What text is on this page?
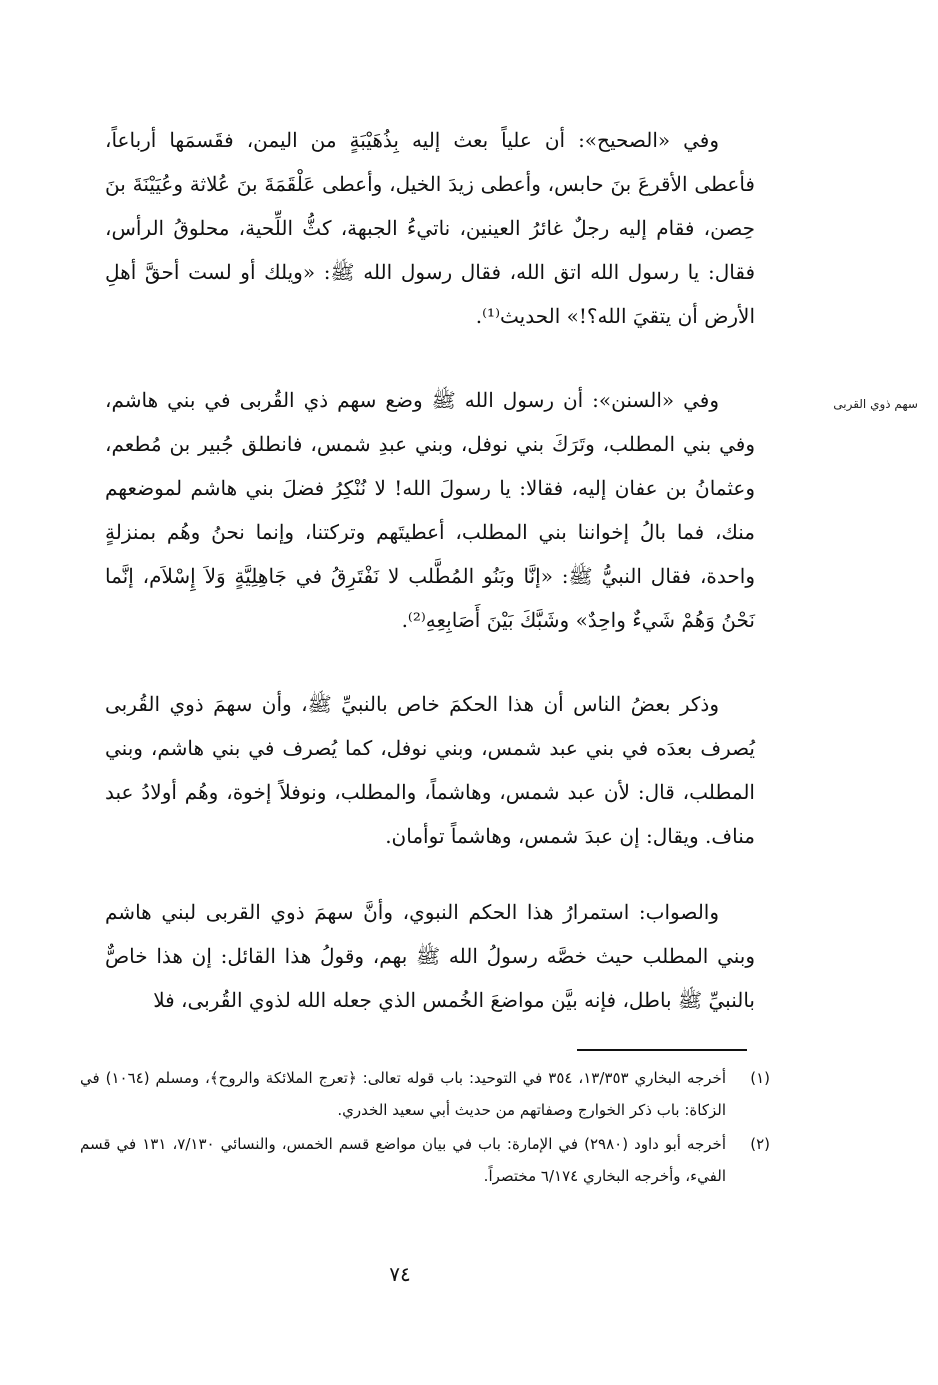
سهم ذوي القربى

وفي «الصحيح»: أن علياً بعث إليه بِذُهَيْبَةٍ من اليمن، فقَسمَها أرباعاً، فأعطى الأقرعَ بنَ حابس، وأعطى زيدَ الخيل، وأعطى عَلْقَمَةَ بنَ عُلاثة وعُيَيْنَةَ بنَ حِصن، فقام إليه رجلٌ غائرُ العينين، ناتيءُ الجبهة، كثُّ اللِّحية، محلوقُ الرأس، فقال: يا رسول الله اتق الله، فقال رسول الله ﷺ: «ويلك أو لست أحقَّ أهلِ الأرض أن يتقيَ الله؟!» الحديث⁽¹⁾.

وفي «السنن»: أن رسول الله ﷺ وضع سهم ذي القُربى في بني هاشم، وفي بني المطلب، وتَرَكَ بني نوفل، وبني عبدِ شمس، فانطلق جُبير بن مُطعم، وعثمانُ بن عفان إليه، فقالا: يا رسولَ الله! لا نُنْكِرُ فضلَ بني هاشم لموضعهم منك، فما بالُ إخواننا بني المطلب، أعطيتَهم وتركتنا، وإنما نحنُ وهُم بمنزلةٍ واحدة، فقال النبيُّ ﷺ: «إنَّا وبَنُو المُطَّلب لا نَفْتَرِقُ في جَاهِلِيَّةٍ وَلاَ إِسْلاَم، إنَّما نَحْنُ وَهُمْ شَيءٌ واحِدٌ» وشَبَّكَ بَيْنَ أَصَابِعِهِ⁽²⁾.

وذكر بعضُ الناس أن هذا الحكمَ خاص بالنبيِّ ﷺ، وأن سهمَ ذوي القُربى يُصرف بعدَه في بني عبد شمس، وبني نوفل، كما يُصرف في بني هاشم، وبني المطلب، قال: لأن عبد شمس، وهاشماً، والمطلب، ونوفلاً إخوة، وهُم أولادُ عبد مناف. ويقال: إن عبدَ شمس، وهاشماً توأمان.

والصواب: استمرارُ هذا الحكم النبوي، وأنَّ سهمَ ذوي القربى لبني هاشم وبني المطلب حيث خصَّه رسولُ الله ﷺ بهم، وقولُ هذا القائل: إن هذا خاصٌّ بالنبيِّ ﷺ باطل، فإنه بيَّن مواضعَ الخُمس الذي جعله الله لذوي القُربى، فلا

(١)
أخرجه البخاري ١٣/٣٥٣، ٣٥٤ في التوحيد: باب قوله تعالى: ﴿تعرج الملائكة والروح﴾، ومسلم (١٠٦٤) في الزكاة: باب ذكر الخوارج وصفاتهم من حديث أبي سعيد الخدري.
(٢)
أخرجه أبو داود (٢٩٨٠) في الإمارة: باب في بيان مواضع قسم الخمس، والنسائي ٧/١٣٠، ١٣١ في قسم الفيء، وأخرجه البخاري ٦/١٧٤ مختصراً.
٧٤
